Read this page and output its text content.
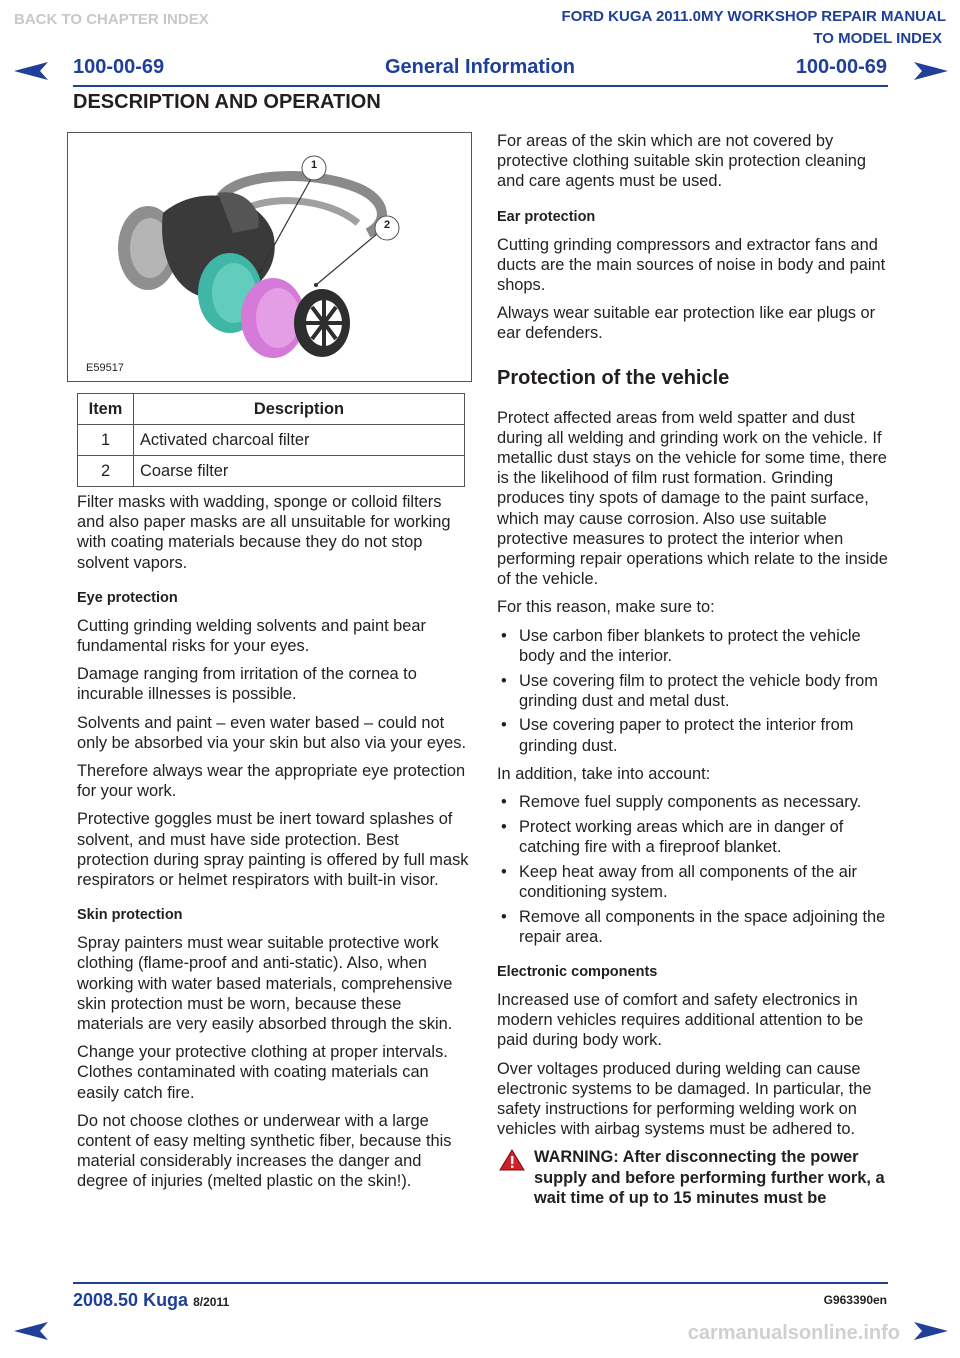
BACK TO CHAPTER INDEX	FORD KUGA 2011.0MY WORKSHOP REPAIR MANUAL
TO MODEL INDEX
100-00-69	General Information	100-00-69
DESCRIPTION AND OPERATION
1
2
E59517
Item	Description
1	Activated charcoal filter
2	Coarse filter

Filter masks with wadding, sponge or colloid filters and also paper masks are all unsuitable for working with coating materials because they do not stop solvent vapors.

Eye protection

Cutting grinding welding solvents and paint bear fundamental risks for your eyes.

Damage ranging from irritation of the cornea to incurable illnesses is possible.

Solvents and paint – even water based – could not only be absorbed via your skin but also via your eyes.

Therefore always wear the appropriate eye protection for your work.

Protective goggles must be inert toward splashes of solvent, and must have side protection. Best protection during spray painting is offered by full mask respirators or helmet respirators with built-in visor.

Skin protection

Spray painters must wear suitable protective work clothing (flame-proof and anti-static). Also, when working with water based materials, comprehensive skin protection must be worn, because these materials are very easily absorbed through the skin.

Change your protective clothing at proper intervals. Clothes contaminated with coating materials can easily catch fire.

Do not choose clothes or underwear with a large content of easy melting synthetic fiber, because this material considerably increases the danger and degree of injuries (melted plastic on the skin!).

For areas of the skin which are not covered by protective clothing suitable skin protection cleaning and care agents must be used.

Ear protection

Cutting grinding compressors and extractor fans and ducts are the main sources of noise in body and paint shops.

Always wear suitable ear protection like ear plugs or ear defenders.

Protection of the vehicle

Protect affected areas from weld spatter and dust during all welding and grinding work on the vehicle. If metallic dust stays on the vehicle for some time, there is the likelihood of film rust formation. Grinding produces tiny spots of damage to the paint surface, which may cause corrosion. Also use suitable protective measures to protect the interior when performing repair operations which relate to the inside of the vehicle.

For this reason, make sure to:

• Use carbon fiber blankets to protect the vehicle body and the interior.
• Use covering film to protect the vehicle body from grinding dust and metal dust.
• Use covering paper to protect the interior from grinding dust.

In addition, take into account:

• Remove fuel supply components as necessary.
• Protect working areas which are in danger of catching fire with a fireproof blanket.
• Keep heat away from all components of the air conditioning system.
• Remove all components in the space adjoining the repair area.
Electronic components

Increased use of comfort and safety electronics in modern vehicles requires additional attention to be paid during body work.

Over voltages produced during welding can cause electronic systems to be damaged. In particular, the safety instructions for performing welding work on vehicles with airbag systems must be adhered to.

WARNING: After disconnecting the power supply and before performing further work, a wait time of up to 15 minutes must be
2008.50 Kuga 8/2011	G963390en
carmanualsonline.info
